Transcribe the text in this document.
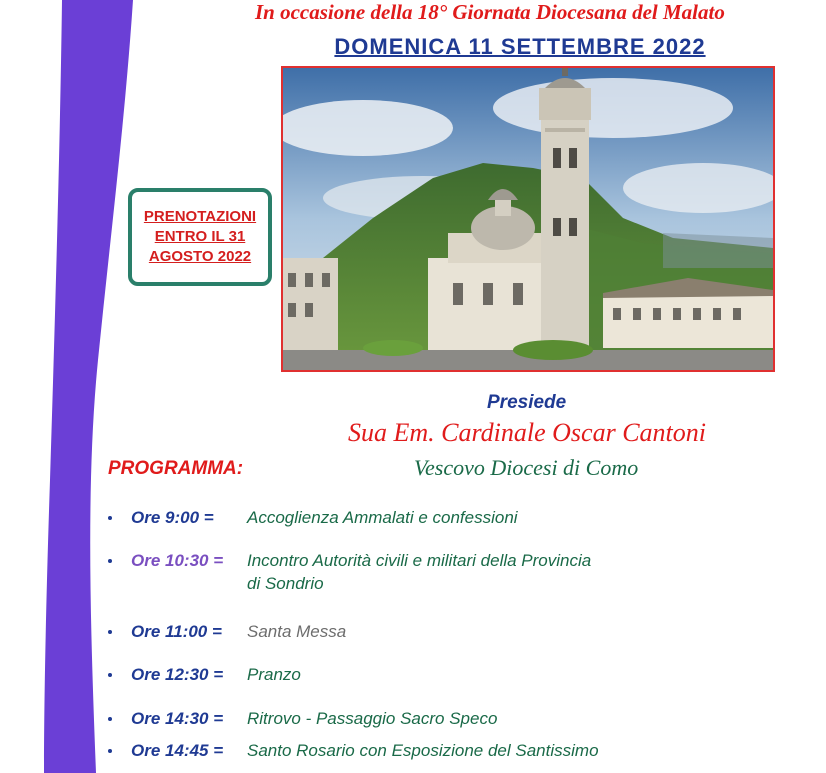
In occasione della 18° Giornata Diocesana del Malato
DOMENICA 11 SETTEMBRE 2022
PRENOTAZIONI
ENTRO IL 31
AGOSTO 2022
Presiede
Sua Em. Cardinale Oscar Cantoni
PROGRAMMA:	Vescovo Diocesi di Como
Ore 9:00 = Accoglienza Ammalati e confessioni
Ore 10:30 = Incontro Autorità civili e militari della Provincia
di Sondrio
Ore 11:00 = Santa Messa
Ore 12:30 = Pranzo
Ore 14:30 = Ritrovo - Passaggio Sacro Speco
Ore 14:45 = Santo Rosario con Esposizione del Santissimo
